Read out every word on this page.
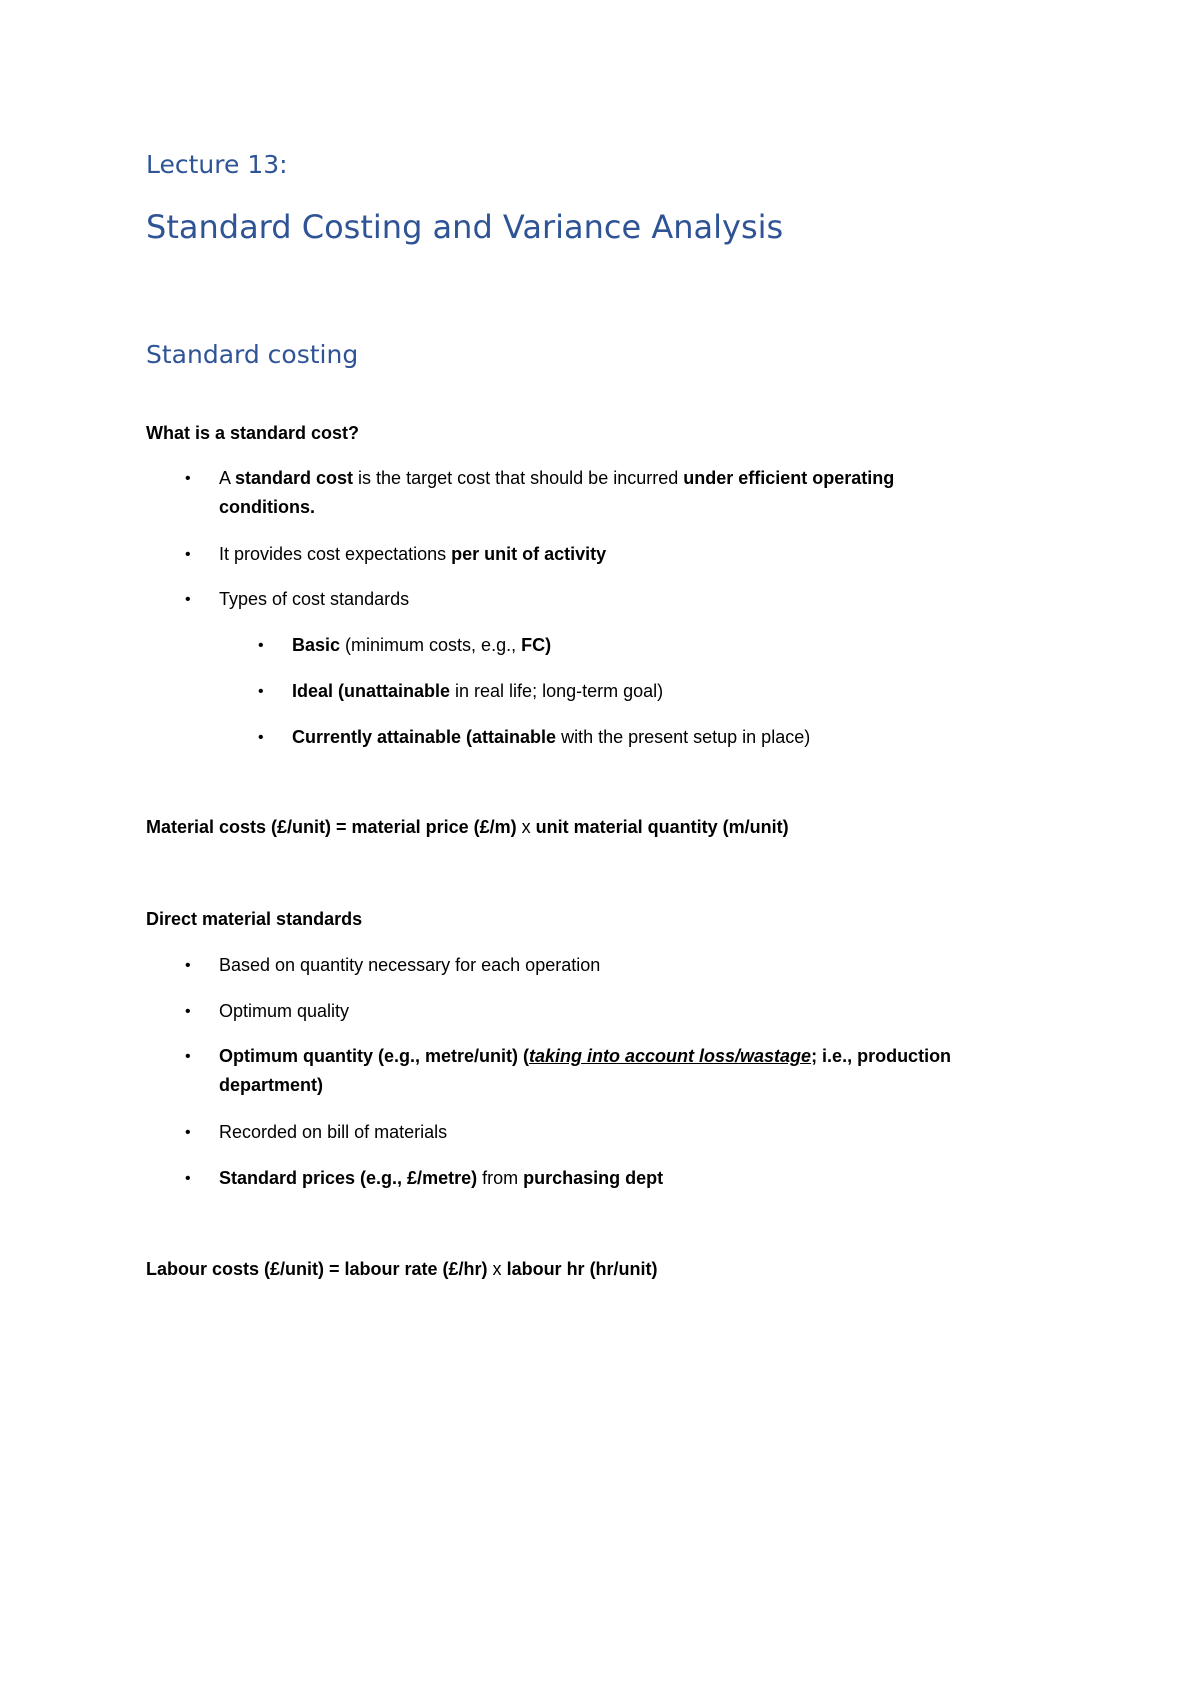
Lecture 13:
Standard Costing and Variance Analysis
Standard costing

What is a standard cost?

• A standard cost is the target cost that should be incurred under efficient operating

conditions.

• It provides cost expectations per unit of activity

• Types of cost standards

• Basic (minimum costs, e.g., FC)

• Ideal (unattainable in real life; long-term goal)

• Currently attainable (attainable with the present setup in place)

Material costs (£/unit) = material price (£/m) x unit material quantity (m/unit)

Direct material standards

• Based on quantity necessary for each operation

• Optimum quality

• Optimum quantity (e.g., metre/unit) (taking into account loss/wastage; i.e., production

department)

• Recorded on bill of materials

• Standard prices (e.g., £/metre) from purchasing dept

Labour costs (£/unit) = labour rate (£/hr) x labour hr (hr/unit)
